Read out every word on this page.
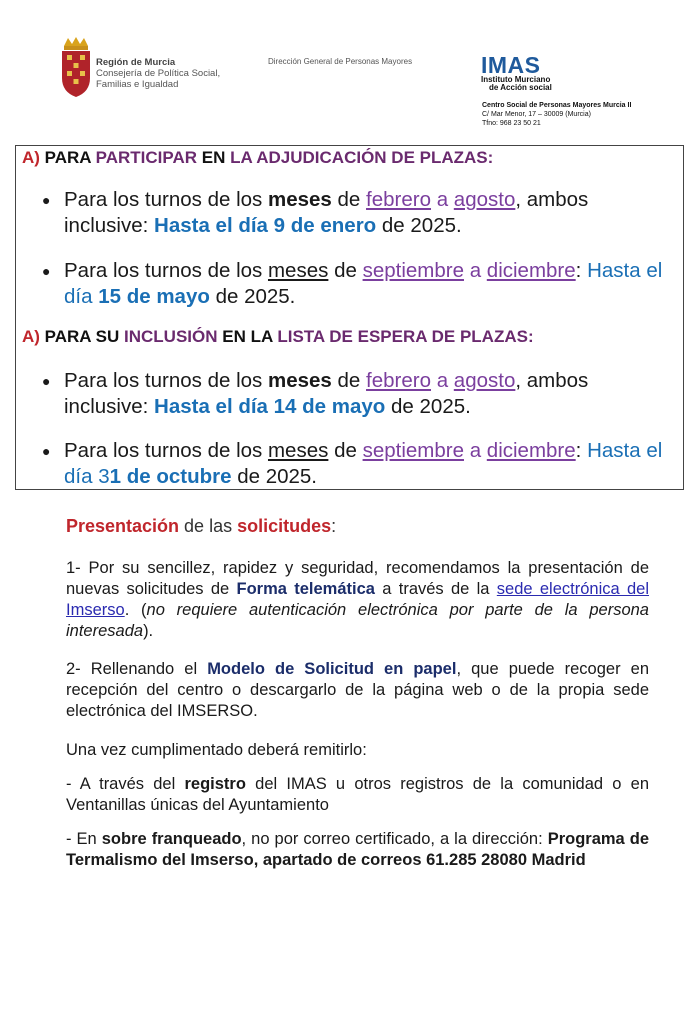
Región de Murcia
Consejería de Política Social,
Familias e Igualdad
Dirección General de Personas Mayores	IMAS
Instituto Murciano
de Acción social
Centro Social de Personas Mayores Murcia II
C/ Mar Menor, 17 – 30009 (Murcia)
Tfno: 968 23 50 21
A) PARA PARTICIPAR EN LA ADJUDICACIÓN DE PLAZAS:
● Para los turnos de los meses de febrero a agosto, ambos inclusive: Hasta el día 9 de enero de 2025.
● Para los turnos de los meses de septiembre a diciembre: Hasta el día 15 de mayo de 2025.
A) PARA SU INCLUSIÓN EN LA LISTA DE ESPERA DE PLAZAS:
● Para los turnos de los meses de febrero a agosto, ambos inclusive: Hasta el día 14 de mayo de 2025.
● Para los turnos de los meses de septiembre a diciembre: Hasta el día 31 de octubre de 2025.
Presentación de las solicitudes:
1- Por su sencillez, rapidez y seguridad, recomendamos la presentación de nuevas solicitudes de Forma telemática a través de la sede electrónica del Imserso. (no requiere autenticación electrónica por parte de la persona interesada).
2- Rellenando el Modelo de Solicitud en papel, que puede recoger en recepción del centro o descargarlo de la página web o de la propia sede electrónica del IMSERSO.
Una vez cumplimentado deberá remitirlo:
- A través del registro del IMAS u otros registros de la comunidad o en Ventanillas únicas del Ayuntamiento
- En sobre franqueado, no por correo certificado, a la dirección: Programa de Termalismo del Imserso, apartado de correos 61.285 28080 Madrid
